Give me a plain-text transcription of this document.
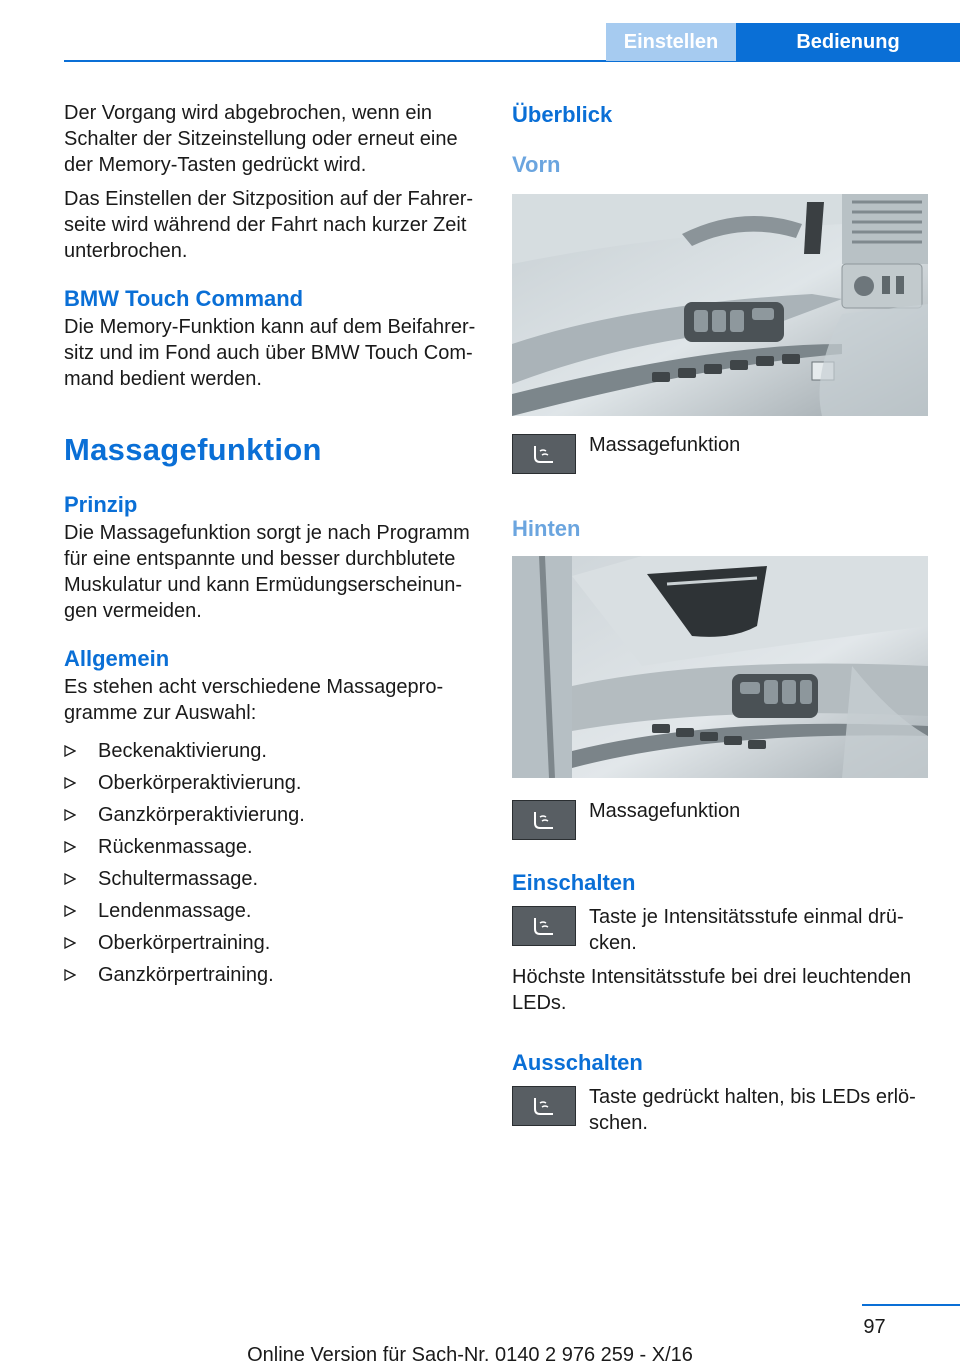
Einstellen	Bedienung

Der Vorgang wird abgebrochen, wenn ein Schalter der Sitzeinstellung oder erneut eine der Memory-Tasten gedrückt wird.

Das Einstellen der Sitzposition auf der Fahrerseite wird während der Fahrt nach kurzer Zeit unterbrochen.

BMW Touch Command

Die Memory-Funktion kann auf dem Beifahrersitz und im Fond auch über BMW Touch Command bedient werden.

Massagefunktion
Prinzip

Die Massagefunktion sorgt je nach Programm für eine entspannte und besser durchblutete Muskulatur und kann Ermüdungserscheinungen vermeiden.

Allgemein

Es stehen acht verschiedene Massageprogramme zur Auswahl:

Beckenaktivierung.
Oberkörperaktivierung.
Ganzkörperaktivierung.
Rückenmassage.
Schultermassage.
Lendenmassage.
Oberkörpertraining.
Ganzkörpertraining.
Überblick
Vorn
Massagefunktion
Hinten
Massagefunktion
Einschalten
Taste je Intensitätsstufe einmal drücken.

Höchste Intensitätsstufe bei drei leuchtenden LEDs.

Ausschalten
Taste gedrückt halten, bis LEDs erlöschen.
97
Online Version für Sach-Nr. 0140 2 976 259 - X/16
